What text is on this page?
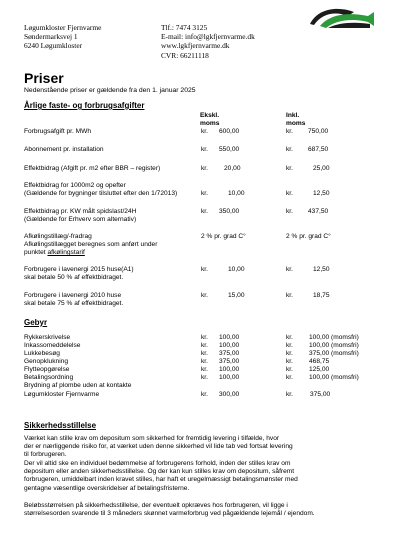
Løgumkloster Fjernvarme
Søndermarksvej 1
6240 Løgumkloster
Tlf.: 7474 3125
E-mail: info@lgkfjernvarme.dk
www.lgkfjernvarme.dk
CVR: 66211118
Priser
Nedenstående priser er gældende fra den 1. januar 2025
Årlige faste- og forbrugsafgifter
Ekskl.
moms
Inkl.
moms
Forbrugsafgift pr. MWh	kr. 600,00	kr. 750,00
Abonnement pr. installation	kr. 550,00	kr. 687,50
Effektbidrag (Afgift pr. m2 efter BBR – register)	kr. 20,00	kr.	25,00
Effektbidrag for 1000m2 og opefter
(Gældende for bygninger tilsluttet efter den 1/72013)	kr.	10,00	kr.	12,50
Effektbidrag pr. KW målt spidslast/24H
(Gældende for Erhverv som alternativ)
kr. 350,00	kr. 437,50
Afkølingstillæg/-fradrag
Afkølingstillægget beregnes som anført under
punktet afkølingstarif
2 % pr. grad C°	2 % pr. grad C°
Forbrugere i lavenergi 2015 huse(A1)
skal betale 50 % af effektbidraget.
kr.	10,00	kr.	12,50
Forbrugere i lavenergi 2010 huse
skal betale 75 % af effektbidraget.
kr.	15,00	kr.	18,75
Gebyr
Rykkerskrivelse	kr. 100,00	kr. 100,00 (momsfri)
Inkassomeddelelse	kr. 100,00	kr. 100,00 (momsfri)
Lukkebesøg	kr. 375,00	kr. 375,00 (momsfri)
Genopklukning	kr. 375,00	kr. 468,75
Flytteopgørelse	kr. 100,00	kr. 125,00
Betalingsordning	kr. 100,00	kr. 100,00 (momsfri)
Brydning af plombe uden at kontakte
Løgumkloster Fjernvarme	kr. 300,00	kr.	375,00
Sikkerhedsstillelse
Værket kan stille krav om depositum som sikkerhed for fremtidig levering i tilfælde, hvor
der er nærliggende risiko for, at værket uden denne sikkerhed vil lide tab ved fortsat levering
til forbrugeren.
Der vil altid ske en individuel bedømmelse af forbrugerens forhold, inden der stilles krav om
depositum eller anden sikkerhedsstillelse. Og der kan kun stilles krav om depositum, såfremt
forbrugeren, umiddelbart inden kravet stilles, har haft et uregelmæssigt betalingsmønster med
gentagne væsentlige overskridelser af betalingsfristerne.
Beløbsstørrelsen på sikkerhedsstillelse, der eventuelt opkræves hos forbrugeren, vil ligge i
størrelsesorden svarende til 3 måneders skønnet varmeforbrug ved pågældende lejemål / ejendom.
